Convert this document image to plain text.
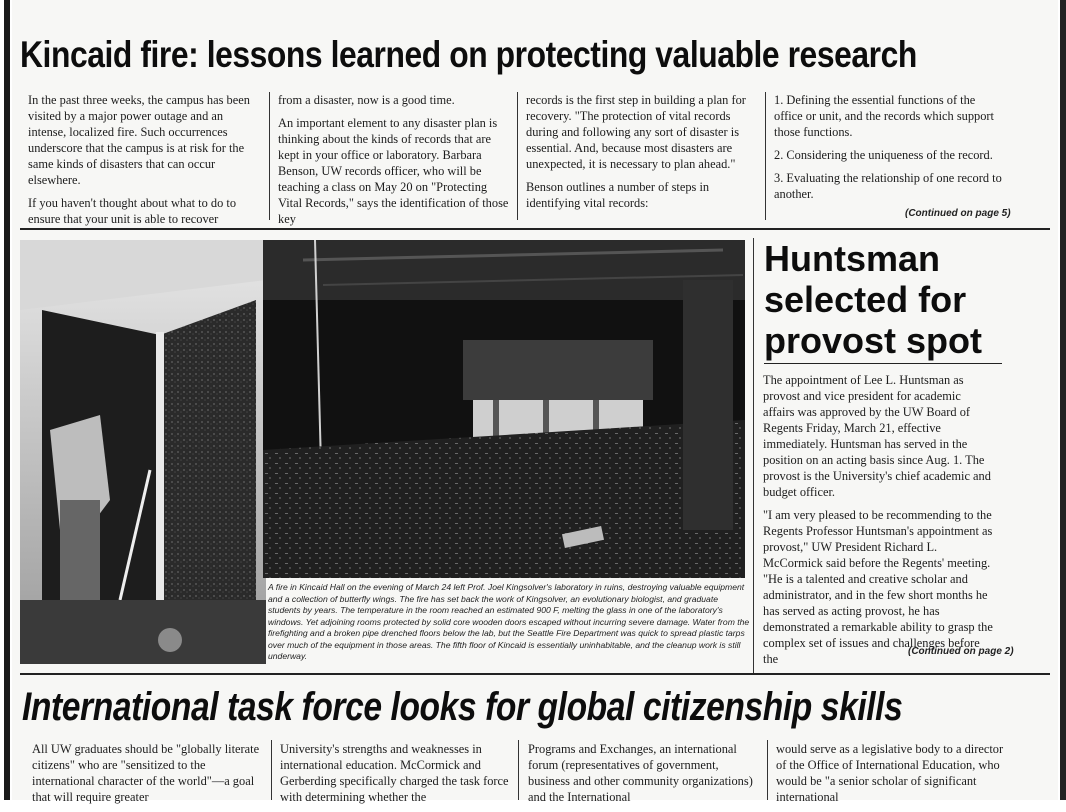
Kincaid fire: lessons learned on protecting valuable research

In the past three weeks, the campus has been visited by a major power outage and an intense, localized fire. Such occurrences underscore that the campus is at risk for the same kinds of disasters that can occur elsewhere.

If you haven't thought about what to do to ensure that your unit is able to recover

from a disaster, now is a good time.

An important element to any disaster plan is thinking about the kinds of records that are kept in your office or laboratory. Barbara Benson, UW records officer, who will be teaching a class on May 20 on "Protecting Vital Records," says the identification of those key

records is the first step in building a plan for recovery. "The protection of vital records during and following any sort of disaster is essential. And, because most disasters are unexpected, it is necessary to plan ahead."

Benson outlines a number of steps in identifying vital records:

1. Defining the essential functions of the office or unit, and the records which support those functions.

2. Considering the uniqueness of the record.

3. Evaluating the relationship of one record to another.

(Continued on page 5)
A fire in Kincaid Hall on the evening of March 24 left Prof. Joel Kingsolver's laboratory in ruins, destroying valuable equipment and a collection of butterfly wings. The fire has set back the work of Kingsolver, an evolutionary biologist, and graduate students by years. The temperature in the room reached an estimated 900 F, melting the glass in one of the laboratory's windows. Yet adjoining rooms protected by solid core wooden doors escaped without incurring severe damage. Water from the firefighting and a broken pipe drenched floors below the lab, but the Seattle Fire Department was quick to spread plastic tarps over much of the equipment in those areas. The fifth floor of Kincaid is essentially uninhabitable, and the cleanup work is still underway.
Huntsman selected for provost spot

The appointment of Lee L. Huntsman as provost and vice president for academic affairs was approved by the UW Board of Regents Friday, March 21, effective immediately. Huntsman has served in the position on an acting basis since Aug. 1. The provost is the University's chief academic and budget officer.

"I am very pleased to be recommending to the Regents Professor Huntsman's appointment as provost," UW President Richard L. McCormick said before the Regents' meeting. "He is a talented and creative scholar and administrator, and in the few short months he has served as acting provost, he has demonstrated a remarkable ability to grasp the complex set of issues and challenges before the

(Continued on page 2)
International task force looks for global citizenship skills

All UW graduates should be "globally literate citizens" who are "sensitized to the international character of the world"—a goal that will require greater

University's strengths and weaknesses in international education. McCormick and Gerberding specifically charged the task force with determining whether the

Programs and Exchanges, an international forum (representatives of government, business and other community organizations) and the International

would serve as a legislative body to a director of the Office of International Education, who would be "a senior scholar of significant international
